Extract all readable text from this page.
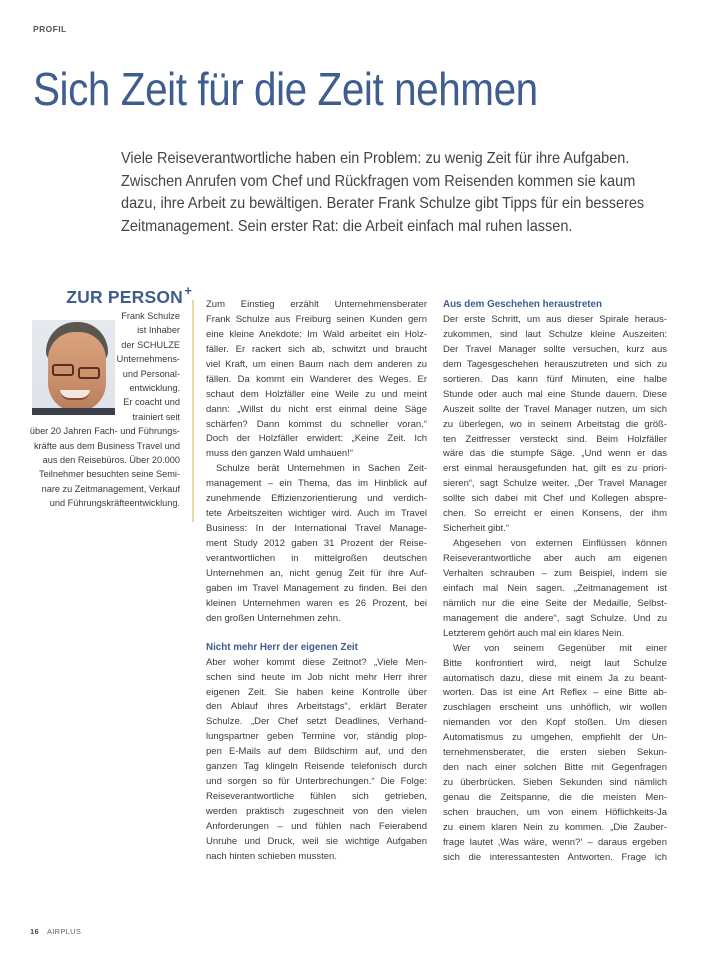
PROFIL
Sich Zeit für die Zeit nehmen
Viele Reiseverantwortliche haben ein Problem: zu wenig Zeit für ihre Aufgaben.
Zwischen Anrufen vom Chef und Rückfragen vom Reisenden kommen sie kaum
dazu, ihre Arbeit zu bewältigen. Berater Frank Schulze gibt Tipps für ein besseres
Zeitmanagement. Sein erster Rat: die Arbeit einfach mal ruhen lassen.
ZUR PERSON +
Frank Schulze
ist Inhaber
der SCHULZE
Unternehmens-
und Personal-
entwicklung.
Er coacht und
trainiert seit
über 20 Jahren Fach- und Führungs-
kräfte aus dem Business Travel und
aus den Reisebüros. Über 20.000
Teilnehmer besuchten seine Semi-
nare zu Zeitmanagement, Verkauf
und Führungskräfteentwicklung.
Zum Einstieg erzählt Unternehmensberater
Frank Schulze aus Freiburg seinen Kunden gern
eine kleine Anekdote: Im Wald arbeitet ein Holz-
fäller. Er rackert sich ab, schwitzt und braucht
viel Kraft, um einen Baum nach dem anderen zu
fällen. Da kommt ein Wanderer des Weges. Er
schaut dem Holzfäller eine Weile zu und meint
dann: „Willst du nicht erst einmal deine Säge
schärfen? Dann kommst du schneller voran.“
Doch der Holzfäller erwidert: „Keine Zeit. Ich
muss den ganzen Wald umhauen!“
Schulze berät Unternehmen in Sachen Zeit-
management – ein Thema, das im Hinblick auf
zunehmende Effizienzorientierung und verdich-
tete Arbeitszeiten wichtiger wird. Auch im Travel
Business: In der International Travel Manage-
ment Study 2012 gaben 31 Prozent der Reise-
verantwortlichen in mittelgroßen deutschen
Unternehmen an, nicht genug Zeit für ihre Auf-
gaben im Travel Management zu finden. Bei den
kleinen Unternehmen waren es 26 Prozent, bei
den großen Unternehmen zehn.
Nicht mehr Herr der eigenen Zeit
Aber woher kommt diese Zeitnot? „Viele Men-
schen sind heute im Job nicht mehr Herr ihrer
eigenen Zeit. Sie haben keine Kontrolle über
den Ablauf ihres Arbeitstags“, erklärt Berater
Schulze. „Der Chef setzt Deadlines, Verhand-
lungspartner geben Termine vor, ständig plop-
pen E-Mails auf dem Bildschirm auf, und den
ganzen Tag klingeln Reisende telefonisch durch
und sorgen so für Unterbrechungen.“ Die Folge:
Reiseverantwortliche fühlen sich getrieben,
werden praktisch zugeschneit von den vielen
Anforderungen – und fühlen nach Feierabend
Unruhe und Druck, weil sie wichtige Aufgaben
nach hinten schieben mussten.
Aus dem Geschehen heraustreten
Der erste Schritt, um aus dieser Spirale heraus-
zukommen, sind laut Schulze kleine Auszeiten:
Der Travel Manager sollte versuchen, kurz aus
dem Tagesgeschehen herauszutreten und sich zu
sortieren. Das kann fünf Minuten, eine halbe
Stunde oder auch mal eine Stunde dauern. Diese
Auszeit sollte der Travel Manager nutzen, um sich
zu überlegen, wo in seinem Arbeitstag die größ-
ten Zeitfresser versteckt sind. Beim Holzfäller
wäre das die stumpfe Säge. „Und wenn er das
erst einmal herausgefunden hat, gilt es zu priori-
sieren“, sagt Schulze weiter. „Der Travel Manager
sollte sich dabei mit Chef und Kollegen abspre-
chen. So erreicht er einen Konsens, der ihm
Sicherheit gibt.“
Abgesehen von externen Einflüssen können
Reiseverantwortliche aber auch am eigenen
Verhalten schrauben – zum Beispiel, indem sie
einfach mal Nein sagen. „Zeitmanagement ist
nämlich nur die eine Seite der Medaille, Selbst-
management die andere“, sagt Schulze. Und zu
Letzterem gehört auch mal ein klares Nein.
Wer von seinem Gegenüber mit einer
Bitte konfrontiert wird, neigt laut Schulze
automatisch dazu, diese mit einem Ja zu beant-
worten. Das ist eine Art Reflex – eine Bitte ab-
zuschlagen erscheint uns unhöflich, wir wollen
niemanden vor den Kopf stoßen. Um diesen
Automatismus zu umgehen, empfiehlt der Un-
ternehmensberater, die ersten sieben Sekun-
den nach einer solchen Bitte mit Gegenfragen
zu überbrücken. Sieben Sekunden sind nämlich
genau die Zeitspanne, die die meisten Men-
schen brauchen, um von einem Höflichkeits-Ja
zu einem klaren Nein zu kommen. „Die Zauber-
frage lautet ‚Was wäre, wenn?‘ – daraus ergeben
sich die interessantesten Antworten. Frage ich
16 AIRPLUS
